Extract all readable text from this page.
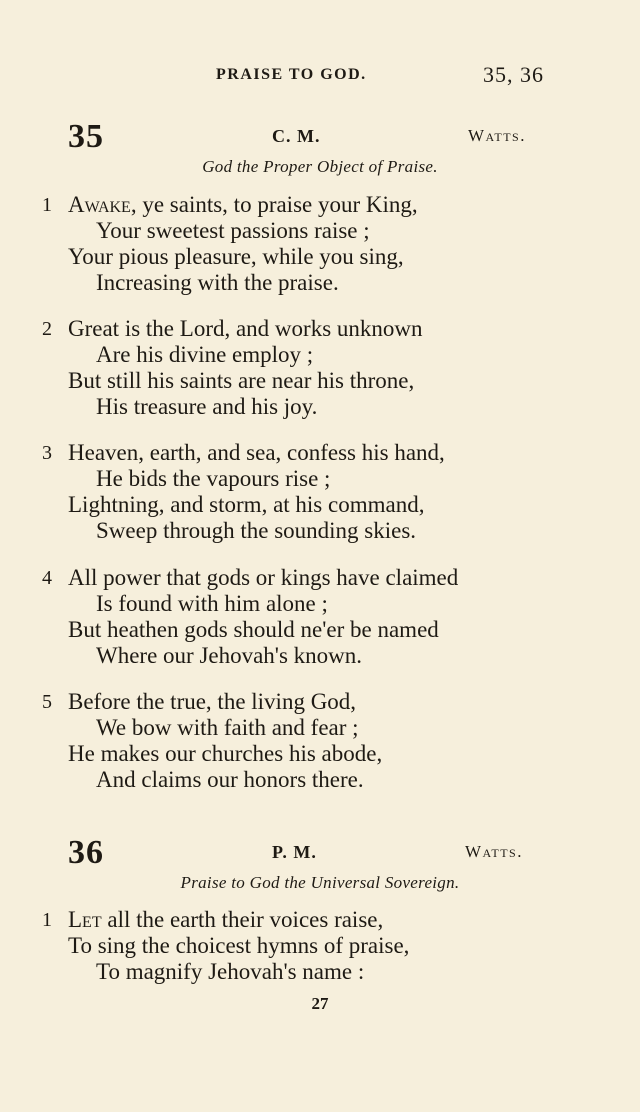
PRAISE TO GOD.	35, 36
35	C. M.	Watts.
God the Proper Object of Praise.
1 Awake, ye saints, to praise your King,
Your sweetest passions raise ;
Your pious pleasure, while you sing,
Increasing with the praise.
2 Great is the Lord, and works unknown
Are his divine employ ;
But still his saints are near his throne,
His treasure and his joy.
3 Heaven, earth, and sea, confess his hand,
He bids the vapours rise ;
Lightning, and storm, at his command,
Sweep through the sounding skies.
4 All power that gods or kings have claimed
Is found with him alone ;
But heathen gods should ne'er be named
Where our Jehovah's known.
5 Before the true, the living God,
We bow with faith and fear ;
He makes our churches his abode,
And claims our honors there.
36	P. M.	Watts.
Praise to God the Universal Sovereign.
1 Let all the earth their voices raise,
To sing the choicest hymns of praise,
To magnify Jehovah's name :
27
